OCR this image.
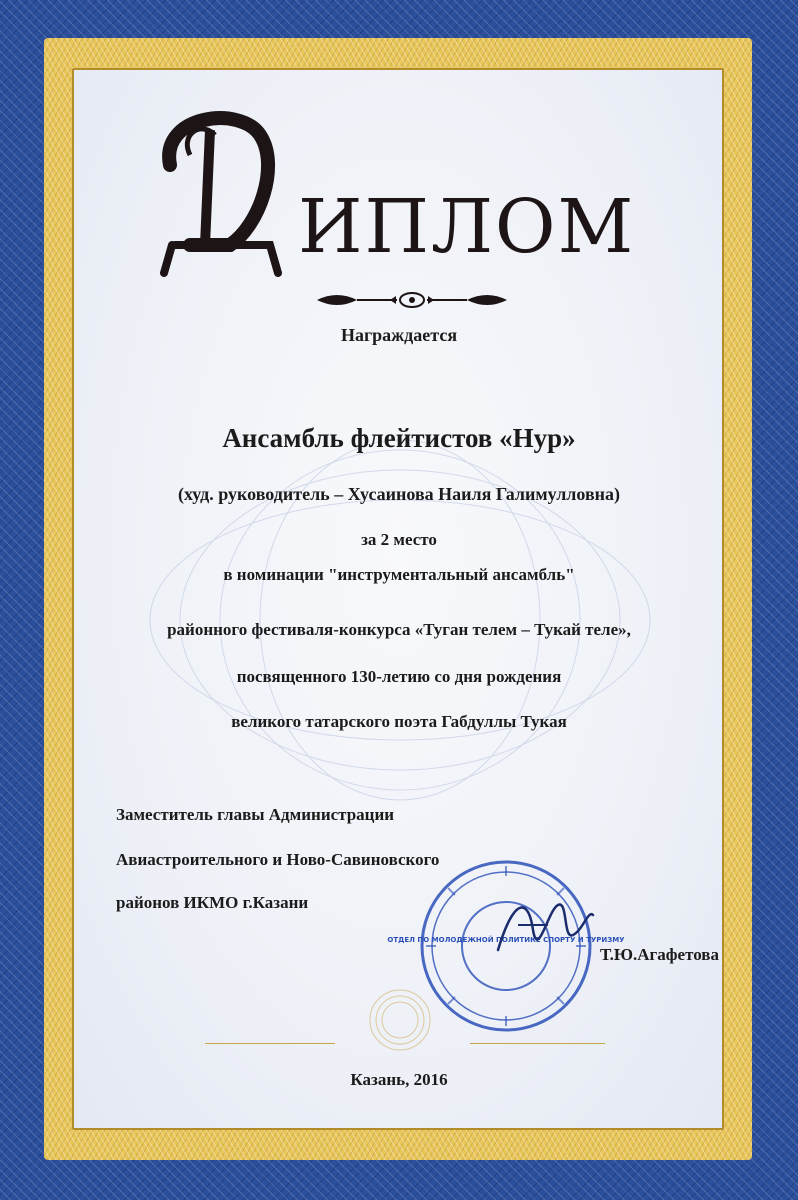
ИПЛОМ
Награждается
Ансамбль флейтистов «Нур»
(худ. руководитель – Хусаинова Наиля Галимулловна)
за 2 место
в номинации "инструментальный ансамбль"
районного фестиваля-конкурса «Туган телем – Тукай теле»,
посвященного 130-летию со дня рождения
великого татарского поэта Габдуллы Тукая
Заместитель главы Администрации
Авиастроительного и Ново-Савиновского
районов ИКМО г.Казани
ОТДЕЛ ПО МОЛОДЕЖНОЙ ПОЛИТИКЕ СПОРТУ И ТУРИЗМУ
Т.Ю.Агафетова
Казань, 2016
